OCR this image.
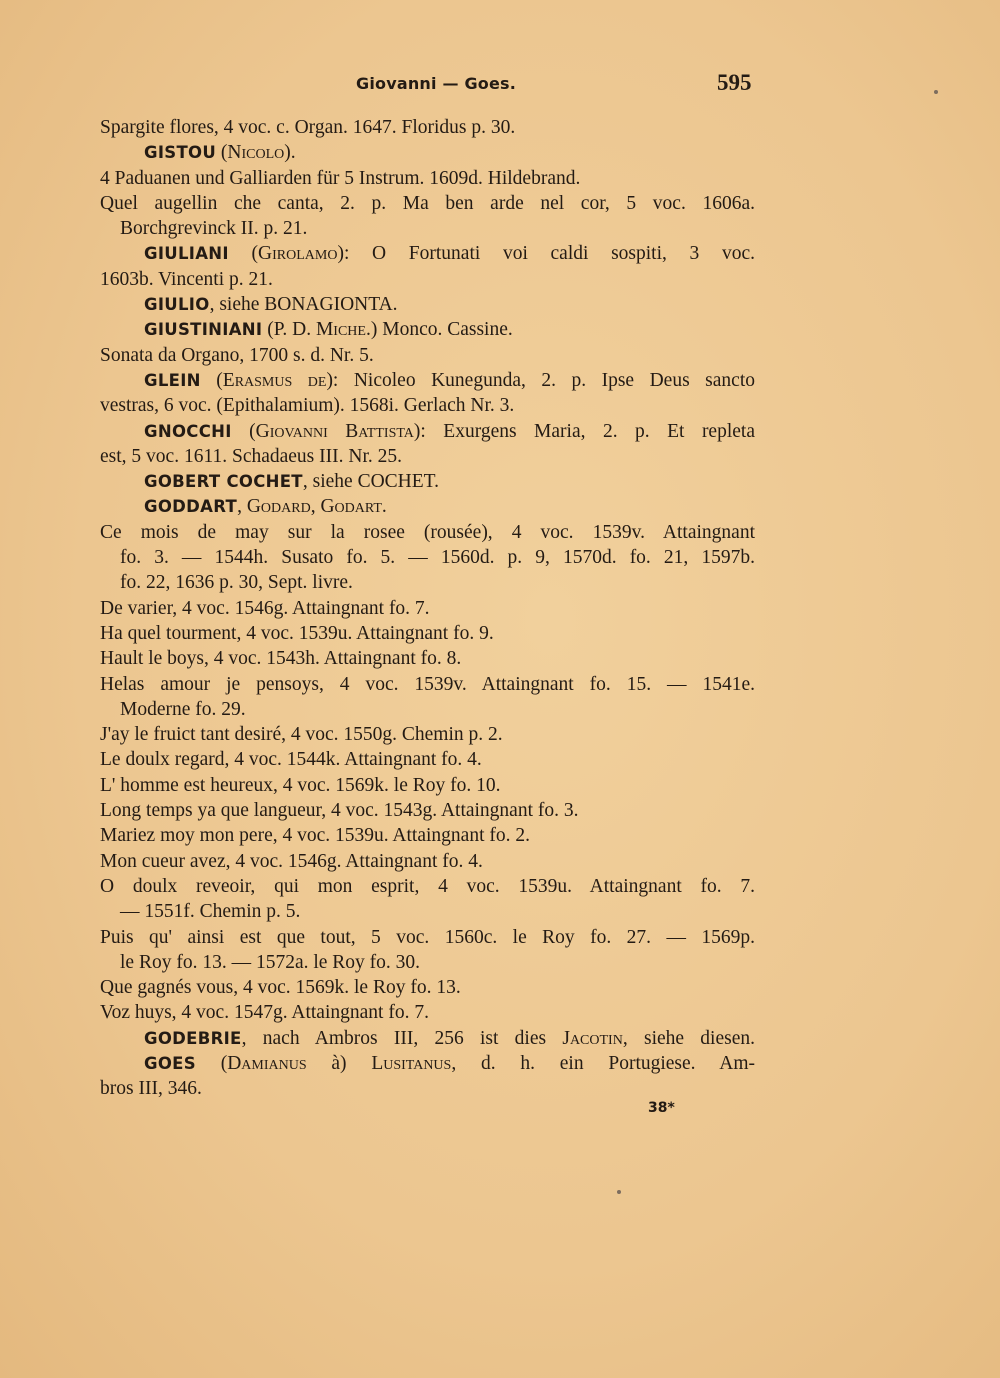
Giovanni — Goes.	595
Spargite flores, 4 voc. c. Organ. 1647. Floridus p. 30.
GISTOU (Nicolo).
4 Paduanen und Galliarden für 5 Instrum. 1609d. Hildebrand.
Quel augellin che canta, 2. p. Ma ben arde nel cor, 5 voc. 1606a.
Borchgrevinck II. p. 21.
GIULIANI (Girolamo): O Fortunati voi caldi sospiti, 3 voc.
1603b. Vincenti p. 21.
GIULIO, siehe BONAGIONTA.
GIUSTINIANI (P. D. Miche.) Monco. Cassine.
Sonata da Organo, 1700 s. d. Nr. 5.
GLEIN (Erasmus de): Nicoleo Kunegunda, 2. p. Ipse Deus sancto
vestras, 6 voc. (Epithalamium). 1568i. Gerlach Nr. 3.
GNOCCHI (Giovanni Battista): Exurgens Maria, 2. p. Et repleta
est, 5 voc. 1611. Schadaeus III. Nr. 25.
GOBERT COCHET, siehe COCHET.
GODDART, Godard, Godart.
Ce mois de may sur la rosee (rousée), 4 voc. 1539v. Attaingnant
fo. 3. — 1544h. Susato fo. 5. — 1560d. p. 9, 1570d. fo. 21, 1597b.
fo. 22, 1636 p. 30, Sept. livre.
De varier, 4 voc. 1546g. Attaingnant fo. 7.
Ha quel tourment, 4 voc. 1539u. Attaingnant fo. 9.
Hault le boys, 4 voc. 1543h. Attaingnant fo. 8.
Helas amour je pensoys, 4 voc. 1539v. Attaingnant fo. 15. — 1541e.
Moderne fo. 29.
J'ay le fruict tant desiré, 4 voc. 1550g. Chemin p. 2.
Le doulx regard, 4 voc. 1544k. Attaingnant fo. 4.
L' homme est heureux, 4 voc. 1569k. le Roy fo. 10.
Long temps ya que langueur, 4 voc. 1543g. Attaingnant fo. 3.
Mariez moy mon pere, 4 voc. 1539u. Attaingnant fo. 2.
Mon cueur avez, 4 voc. 1546g. Attaingnant fo. 4.
O doulx reveoir, qui mon esprit, 4 voc. 1539u. Attaingnant fo. 7.
— 1551f. Chemin p. 5.
Puis qu' ainsi est que tout, 5 voc. 1560c. le Roy fo. 27. — 1569p.
le Roy fo. 13. — 1572a. le Roy fo. 30.
Que gagnés vous, 4 voc. 1569k. le Roy fo. 13.
Voz huys, 4 voc. 1547g. Attaingnant fo. 7.
GODEBRIE, nach Ambros III, 256 ist dies Jacotin, siehe diesen.
GOES (Damianus à) Lusitanus, d. h. ein Portugiese. Am-
bros III, 346.
38*
